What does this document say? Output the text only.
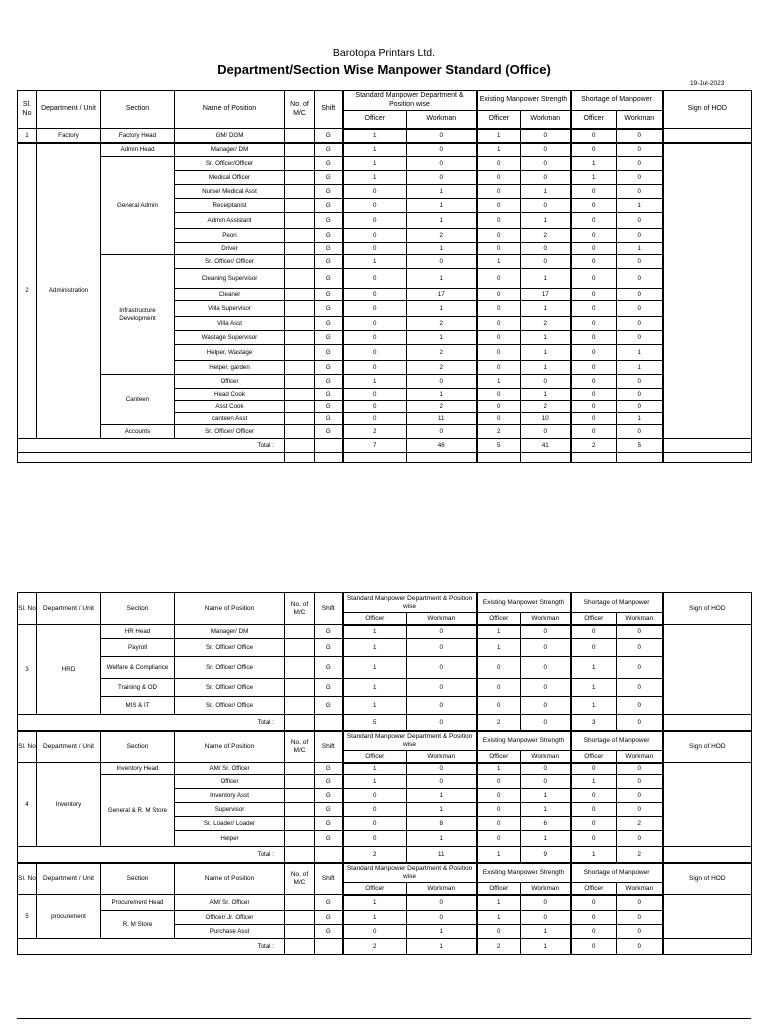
Barotopa Printars Ltd.
Department/Section Wise Manpower Standard (Office)
19-Jul-2023
Sl. No	Department / Unit	Section	Name of Position	No. of M/C	Shift	Standard Manpower Department & Position wise		Existing Manpower Strength		Shortage of Manpower		Sign of HOD
						Officer	Workman	Officer	Workman	Officer	Workman	
1	Factory	Factory Head	GM/ DGM		G	1	0	1	0	0	0	
2	Administration	Admin Head	Manager/ DM		G	1	0	1	0	0	0	
		General Admin	Sr. Officer/Officer		G	1	0	0	0	1	0	
			Medical Officer		G	1	0	0	0	1	0	
			Nurse/ Medical Asst		G	0	1	0	1	0	0	
			Receiptanist		G	0	1	0	0	0	1	
			Admin Assistant		G	0	1	0	1	0	0	
			Peon		G	0	2	0	2	0	0	
			Driver		G	0	1	0	0	0	1	
		Infrastructure Development	Sr. Officer/ Officer		G	1	0	1	0	0	0	
			Cleaning Supervisor		G	0	1	0	1	0	0	
			Cleaner		G	0	17	0	17	0	0	
			Villa Supervisor		G	0	1	0	1	0	0	
			Villa Asst		G	0	2	0	2	0	0	
			Wastage Supervisor		G	0	1	0	1	0	0	
			Helper, Wastage		G	0	2	0	1	0	1	
			Helper, garden		G	0	2	0	1	0	1	
		Canteen	Officer		G	1	0	1	0	0	0	
			Head Cook		G	0	1	0	1	0	0	
			Asst Cook		G	0	2	0	2	0	0	
			canteen Asst		G	0	11	0	10	0	1	
		Accounts	Sr. Officer/ Officer		G	2	0	2	0	0	0	
Total :						7	46	5	41	2	5	

Sl. No	Department / Unit	Section	Name of Position	No. of M/C	Shift	Standard Manpower Department & Position wise		Existing Manpower Strength		Shortage of Manpower		Sign of HOD
						Officer	Workman	Officer	Workman	Officer	Workman	
3	HRD	HR Head	Manager/ DM		G	1	0	1	0	0	0	
		Payroll	Sr. Officer/ Office		G	1	0	1	0	0	0	
		Welfare & Compliance	Sr. Officer/ Office		G	1	0	0	0	1	0	
		Training & OD	Sr. Officer/ Office		G	1	0	0	0	1	0	
		MIS & IT	Sr. Officer/ Office		G	1	0	0	0	1	0	
Total :						5	0	2	0	3	0	
Sl. No	Department / Unit	Section	Name of Position	No. of M/C	Shift	Standard Manpower Department & Position wise		Existing Manpower Strength		Shortage of Manpower		Sign of HOD
						Officer	Workman	Officer	Workman	Officer	Workman	
4	Inventory	Inventory Head	AM/ Sr. Officer		G	1	0	1	0	0	0	
		General & R. M Store	Officer		G	1	0	0	0	1	0	
			Inventory Asst		G	0	1	0	1	0	0	
			Supervisor		G	0	1	0	1	0	0	
			Sr. Loader/ Loader		G	0	8	0	6	0	2	
			Helper		G	0	1	0	1	0	0	
Total :						2	11	1	9	1	2	
Sl. No	Department / Unit	Section	Name of Position	No. of M/C	Shift	Standard Manpower Department & Position wise		Existing Manpower Strength		Shortage of Manpower		Sign of HOD
						Officer	Workman	Officer	Workman	Officer	Workman	
5	procurement	Procurement Head	AM/ Sr. Officer		G	1	0	1	0	0	0	
		R. M Store	Officer/ Jr. Officer		G	1	0	1	0	0	0	
			Purchase Asst		G	0	1	0	1	0	0	
Total :						2	1	2	1	0	0	
